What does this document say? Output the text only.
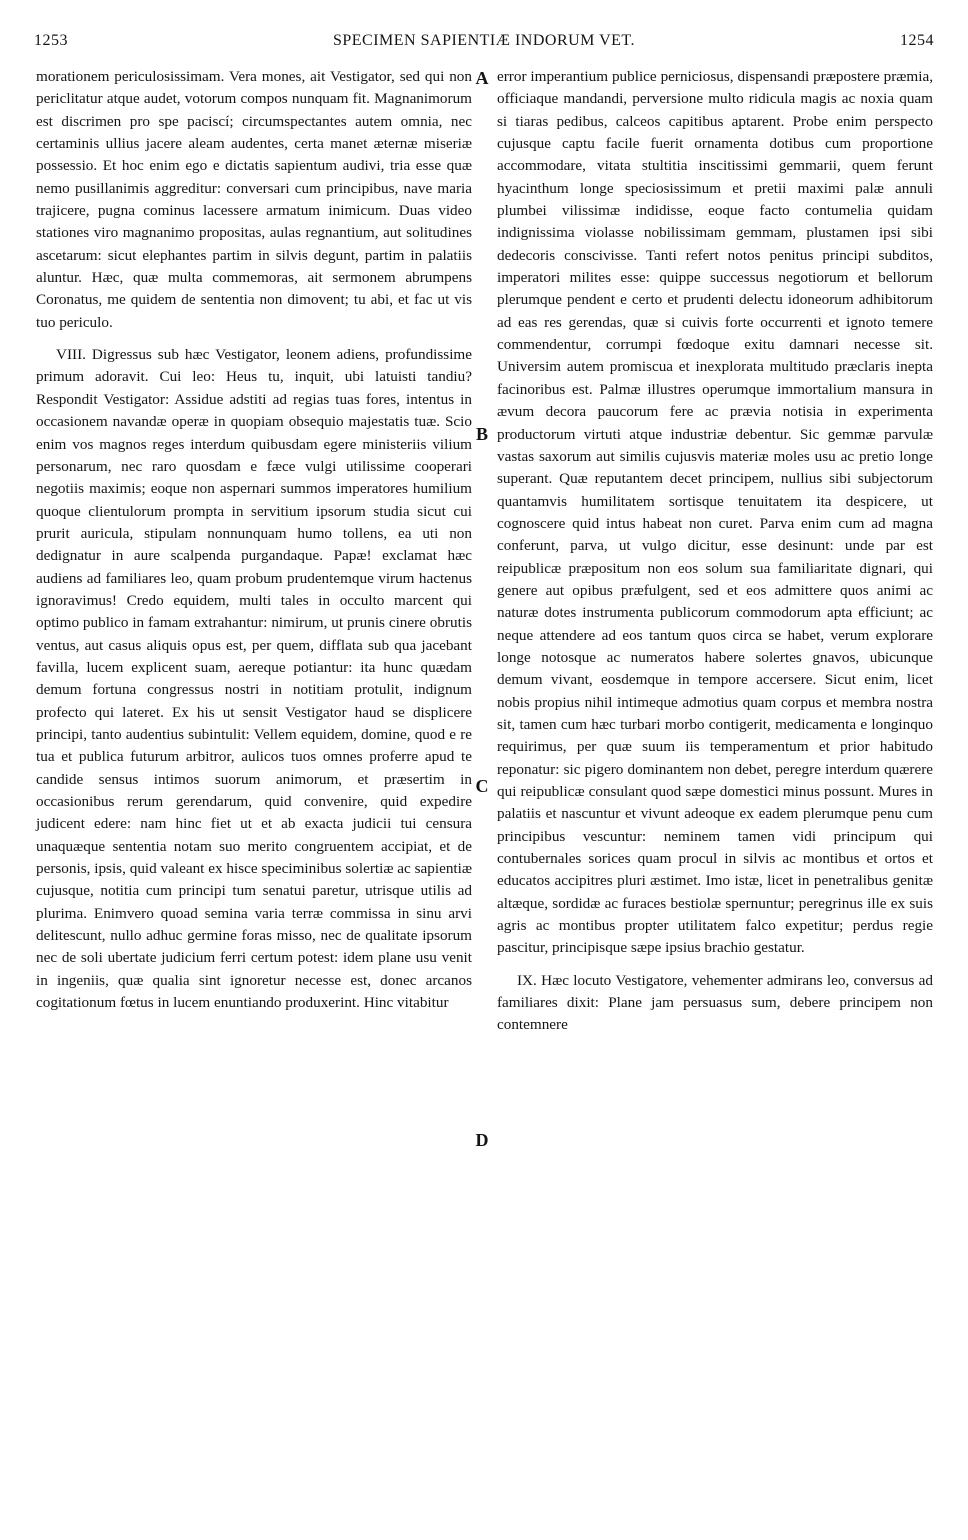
1253	SPECIMEN SAPIENTIÆ INDORUM VET.	1254

morationem periculosissimam. Vera mones, ait Vestigator, sed qui non periclitatur atque audet, votorum compos nunquam fit. Magnanimorum est discrimen pro spe paciscí; circumspectantes autem omnia, nec certaminis ullius jacere aleam audentes, certa manet æternæ miseriæ possessio. Et hoc enim ego e dictatis sapientum audivi, tria esse quæ nemo pusillanimis aggreditur: conversari cum principibus, nave maria trajicere, pugna cominus lacessere armatum inimicum. Duas video stationes viro magnanimo propositas, aulas regnantium, aut solitudines ascetarum: sicut elephantes partim in silvis degunt, partim in palatiis aluntur. Hæc, quæ multa commemoras, ait sermonem abrumpens Coronatus, me quidem de sententia non dimovent; tu abi, et fac ut vis tuo periculo.

VIII. Digressus sub hæc Vestigator, leonem adiens, profundissime primum adoravit. Cui leo: Heus tu, inquit, ubi latuisti tandiu? Respondit Vestigator: Assidue adstiti ad regias tuas fores, intentus in occasionem navandæ operæ in quopiam obsequio majestatis tuæ. Scio enim vos magnos reges interdum quibusdam egere ministeriis vilium personarum, nec raro quosdam e fæce vulgi utilissime cooperari negotiis maximis; eoque non aspernari summos imperatores humilium quoque clientulorum prompta in servitium ipsorum studia sicut cui prurit auricula, stipulam nonnunquam humo tollens, ea uti non dedignatur in aure scalpenda purgandaque. Papæ! exclamat hæc audiens ad familiares leo, quam probum prudentemque virum hactenus ignoravimus! Credo equidem, multi tales in occulto marcent qui optimo publico in famam extrahantur: nimirum, ut prunis cinere obrutis ventus, aut casus aliquis opus est, per quem, difflata sub qua jacebant favilla, lucem explicent suam, aereque potiantur: ita hunc quædam demum fortuna congressus nostri in notitiam protulit, indignum profecto qui lateret. Ex his ut sensit Vestigator haud se displicere principi, tanto audentius subintulit: Vellem equidem, domine, quod e re tua et publica futurum arbitror, aulicos tuos omnes proferre apud te candide sensus intimos suorum animorum, et præsertim in occasionibus rerum gerendarum, quid convenire, quid expedire judicent edere: nam hinc fiet ut et ab exacta judicii tui censura unaquæque sententia notam suo merito congruentem accipiat, et de personis, ipsis, quid valeant ex hisce speciminibus solertiæ ac sapientiæ cujusque, notitia cum principi tum senatui paretur, utrisque utilis ad plurima. Enimvero quoad semina varia terræ commissa in sinu arvi delitescunt, nullo adhuc germine foras misso, nec de qualitate ipsorum nec de soli ubertate judicium ferri certum potest: idem plane usu venit in ingeniis, quæ qualia sint ignoretur necesse est, donec arcanos cogitationum fœtus in lucem enuntiando produxerint. Hinc vitabitur

error imperantium publice perniciosus, dispensandi præpostere præmia, officiaque mandandi, perversione multo ridicula magis ac noxia quam si tiaras pedibus, calceos capitibus aptarent. Probe enim perspecto cujusque captu facile fuerit ornamenta dotibus cum proportione accommodare, vitata stultitia inscitissimi gemmarii, quem ferunt hyacinthum longe speciosissimum et pretii maximi palæ annuli plumbei vilissimæ indidisse, eoque facto contumelia quidam indignissima violasse nobilissimam gemmam, plustamen ipsi sibi dedecoris conscivisse. Tanti refert notos penitus principi subditos, imperatori milites esse: quippe successus negotiorum et bellorum plerumque pendent e certo et prudenti delectu idoneorum adhibitorum ad eas res gerendas, quæ si cuivis forte occurrenti et ignoto temere commendentur, corrumpi fœdoque exitu damnari necesse sit. Universim autem promiscua et inexplorata multitudo præclaris inepta facinoribus est. Palmæ illustres operumque immortalium mansura in ævum decora paucorum fere ac prævia notisia in experimenta productorum virtuti atque industriæ debentur. Sic gemmæ parvulæ vastas saxorum aut similis cujusvis materiæ moles usu ac pretio longe superant. Quæ reputantem decet principem, nullius sibi subjectorum quantamvis humilitatem sortisque tenuitatem ita despicere, ut cognoscere quid intus habeat non curet. Parva enim cum ad magna conferunt, parva, ut vulgo dicitur, esse desinunt: unde par est reipublicæ præpositum non eos solum sua familiaritate dignari, qui genere aut opibus præfulgent, sed et eos admittere quos animi ac naturæ dotes instrumenta publicorum commodorum apta efficiunt; ac neque attendere ad eos tantum quos circa se habet, verum explorare longe notosque ac numeratos habere solertes gnavos, ubicunque demum vivant, eosdemque in tempore accersere. Sicut enim, licet nobis propius nihil intimeque admotius quam corpus et membra nostra sit, tamen cum hæc turbari morbo contigerit, medicamenta e longinquo requirimus, per quæ suum iis temperamentum et prior habitudo reponatur: sic pigero dominantem non debet, peregre interdum quærere qui reipublicæ consulant quod sæpe domestici minus possunt. Mures in palatiis et nascuntur et vivunt adeoque ex eadem plerumque penu cum principibus vescuntur: neminem tamen vidi principum qui contubernales sorices quam procul in silvis ac montibus et ortos et educatos accipitres pluri æstimet. Imo istæ, licet in penetralibus genitæ altæque, sordidæ ac furaces bestiolæ spernuntur; peregrinus ille ex suis agris ac montibus propter utilitatem falco expetitur; perdus regie pascitur, principisque sæpe ipsius brachio gestatur.

IX. Hæc locuto Vestigatore, vehementer admirans leo, conversus ad familiares dixit: Plane jam persuasus sum, debere principem non contemnere

A
B
C
D
